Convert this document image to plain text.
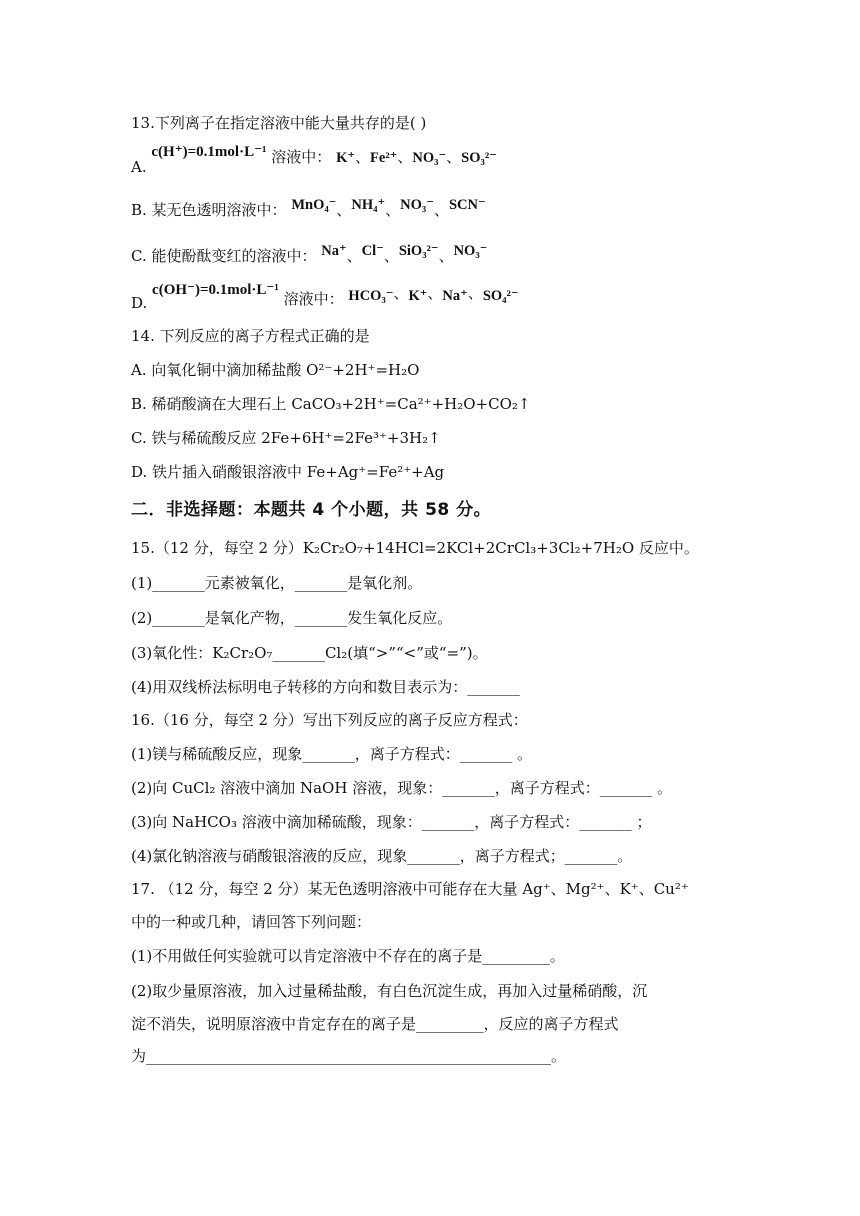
13.下列离子在指定溶液中能大量共存的是( )
A. c(H⁺)=0.1mol·L⁻¹ 溶液中： K⁺、Fe²⁺、NO₃⁻、SO₃²⁻
B. 某无色透明溶液中： MnO₄⁻、NH₄⁺、NO₃⁻、SCN⁻
C. 能使酚酞变红的溶液中： Na⁺、Cl⁻、SiO₃²⁻、NO₃⁻
D. c(OH⁻)=0.1mol·L⁻¹ 溶液中： HCO₃⁻、K⁺、Na⁺、SO₄²⁻
14. 下列反应的离子方程式正确的是
A. 向氧化铜中滴加稀盐酸 O²⁻+2H⁺=H₂O
B. 稀硝酸滴在大理石上 CaCO₃+2H⁺=Ca²⁺+H₂O+CO₂↑
C. 铁与稀硫酸反应 2Fe+6H⁺=2Fe³⁺+3H₂↑
D. 铁片插入硝酸银溶液中 Fe+Ag⁺=Fe²⁺+Ag
二．非选择题：本题共 4 个小题，共 58 分。
15.（12 分，每空 2 分）K₂Cr₂O₇+14HCl=2KCl+2CrCl₃+3Cl₂+7H₂O 反应中。
(1)_______元素被氧化，_______是氧化剂。
(2)_______是氧化产物，_______发生氧化反应。
(3)氧化性：K₂Cr₂O₇_______Cl₂(填“>”“<”或“=”)。
(4)用双线桥法标明电子转移的方向和数目表示为：_______
16.（16 分，每空 2 分）写出下列反应的离子反应方程式：
(1)镁与稀硫酸反应，现象_______，离子方程式：_______ 。
(2)向 CuCl₂ 溶液中滴加 NaOH 溶液，现象：_______，离子方程式：_______ 。
(3)向 NaHCO₃ 溶液中滴加稀硫酸，现象：_______，离子方程式：_______ ；
(4)氯化钠溶液与硝酸银溶液的反应，现象_______，离子方程式；_______。
17. （12 分，每空 2 分）某无色透明溶液中可能存在大量 Ag⁺、Mg²⁺、K⁺、Cu²⁺
中的一种或几种，请回答下列问题：
(1)不用做任何实验就可以肯定溶液中不存在的离子是_________。
(2)取少量原溶液，加入过量稀盐酸，有白色沉淀生成，再加入过量稀硝酸，沉
淀不消失，说明原溶液中肯定存在的离子是_________，反应的离子方程式
为______________________________________________________。
